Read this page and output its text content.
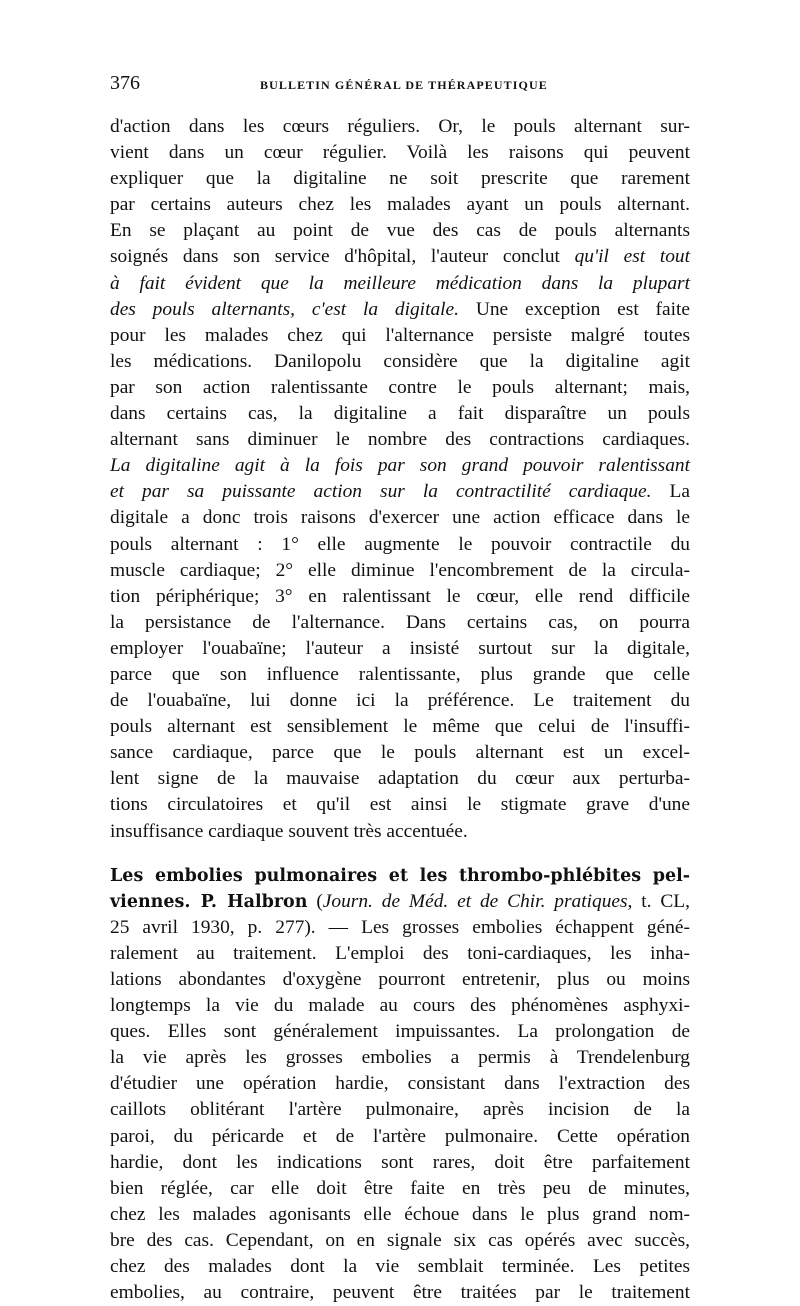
376	BULLETIN GÉNÉRAL DE THÉRAPEUTIQUE
d'action dans les cœurs réguliers. Or, le pouls alternant sur-
vient dans un cœur régulier. Voilà les raisons qui peuvent
expliquer que la digitaline ne soit prescrite que rarement
par certains auteurs chez les malades ayant un pouls alternant.
En se plaçant au point de vue des cas de pouls alternants
soignés dans son service d'hôpital, l'auteur conclut qu'il est tout
à fait évident que la meilleure médication dans la plupart
des pouls alternants, c'est la digitale. Une exception est faite
pour les malades chez qui l'alternance persiste malgré toutes
les médications. Danilopolu considère que la digitaline agit
par son action ralentissante contre le pouls alternant; mais,
dans certains cas, la digitaline a fait disparaître un pouls
alternant sans diminuer le nombre des contractions cardiaques.
La digitaline agit à la fois par son grand pouvoir ralentissant
et par sa puissante action sur la contractilité cardiaque. La
digitale a donc trois raisons d'exercer une action efficace dans le
pouls alternant : 1° elle augmente le pouvoir contractile du
muscle cardiaque; 2° elle diminue l'encombrement de la circula-
tion périphérique; 3° en ralentissant le cœur, elle rend difficile
la persistance de l'alternance. Dans certains cas, on pourra
employer l'ouabaïne; l'auteur a insisté surtout sur la digitale,
parce que son influence ralentissante, plus grande que celle
de l'ouabaïne, lui donne ici la préférence. Le traitement du
pouls alternant est sensiblement le même que celui de l'insuffi-
sance cardiaque, parce que le pouls alternant est un excel-
lent signe de la mauvaise adaptation du cœur aux perturba-
tions circulatoires et qu'il est ainsi le stigmate grave d'une
insuffisance cardiaque souvent très accentuée.
Les embolies pulmonaires et les thrombo-phlébites pel-
viennes. P. Halbron (Journ. de Méd. et de Chir. pratiques, t. CL,
25 avril 1930, p. 277). — Les grosses embolies échappent géné-
ralement au traitement. L'emploi des toni-cardiaques, les inha-
lations abondantes d'oxygène pourront entretenir, plus ou moins
longtemps la vie du malade au cours des phénomènes asphyxi-
ques. Elles sont généralement impuissantes. La prolongation de
la vie après les grosses embolies a permis à Trendelenburg
d'étudier une opération hardie, consistant dans l'extraction des
caillots oblitérant l'artère pulmonaire, après incision de la
paroi, du péricarde et de l'artère pulmonaire. Cette opération
hardie, dont les indications sont rares, doit être parfaitement
bien réglée, car elle doit être faite en très peu de minutes,
chez les malades agonisants elle échoue dans le plus grand nom-
bre des cas. Cependant, on en signale six cas opérés avec succès,
chez des malades dont la vie semblait terminée. Les petites
embolies, au contraire, peuvent être traitées par le traitement
